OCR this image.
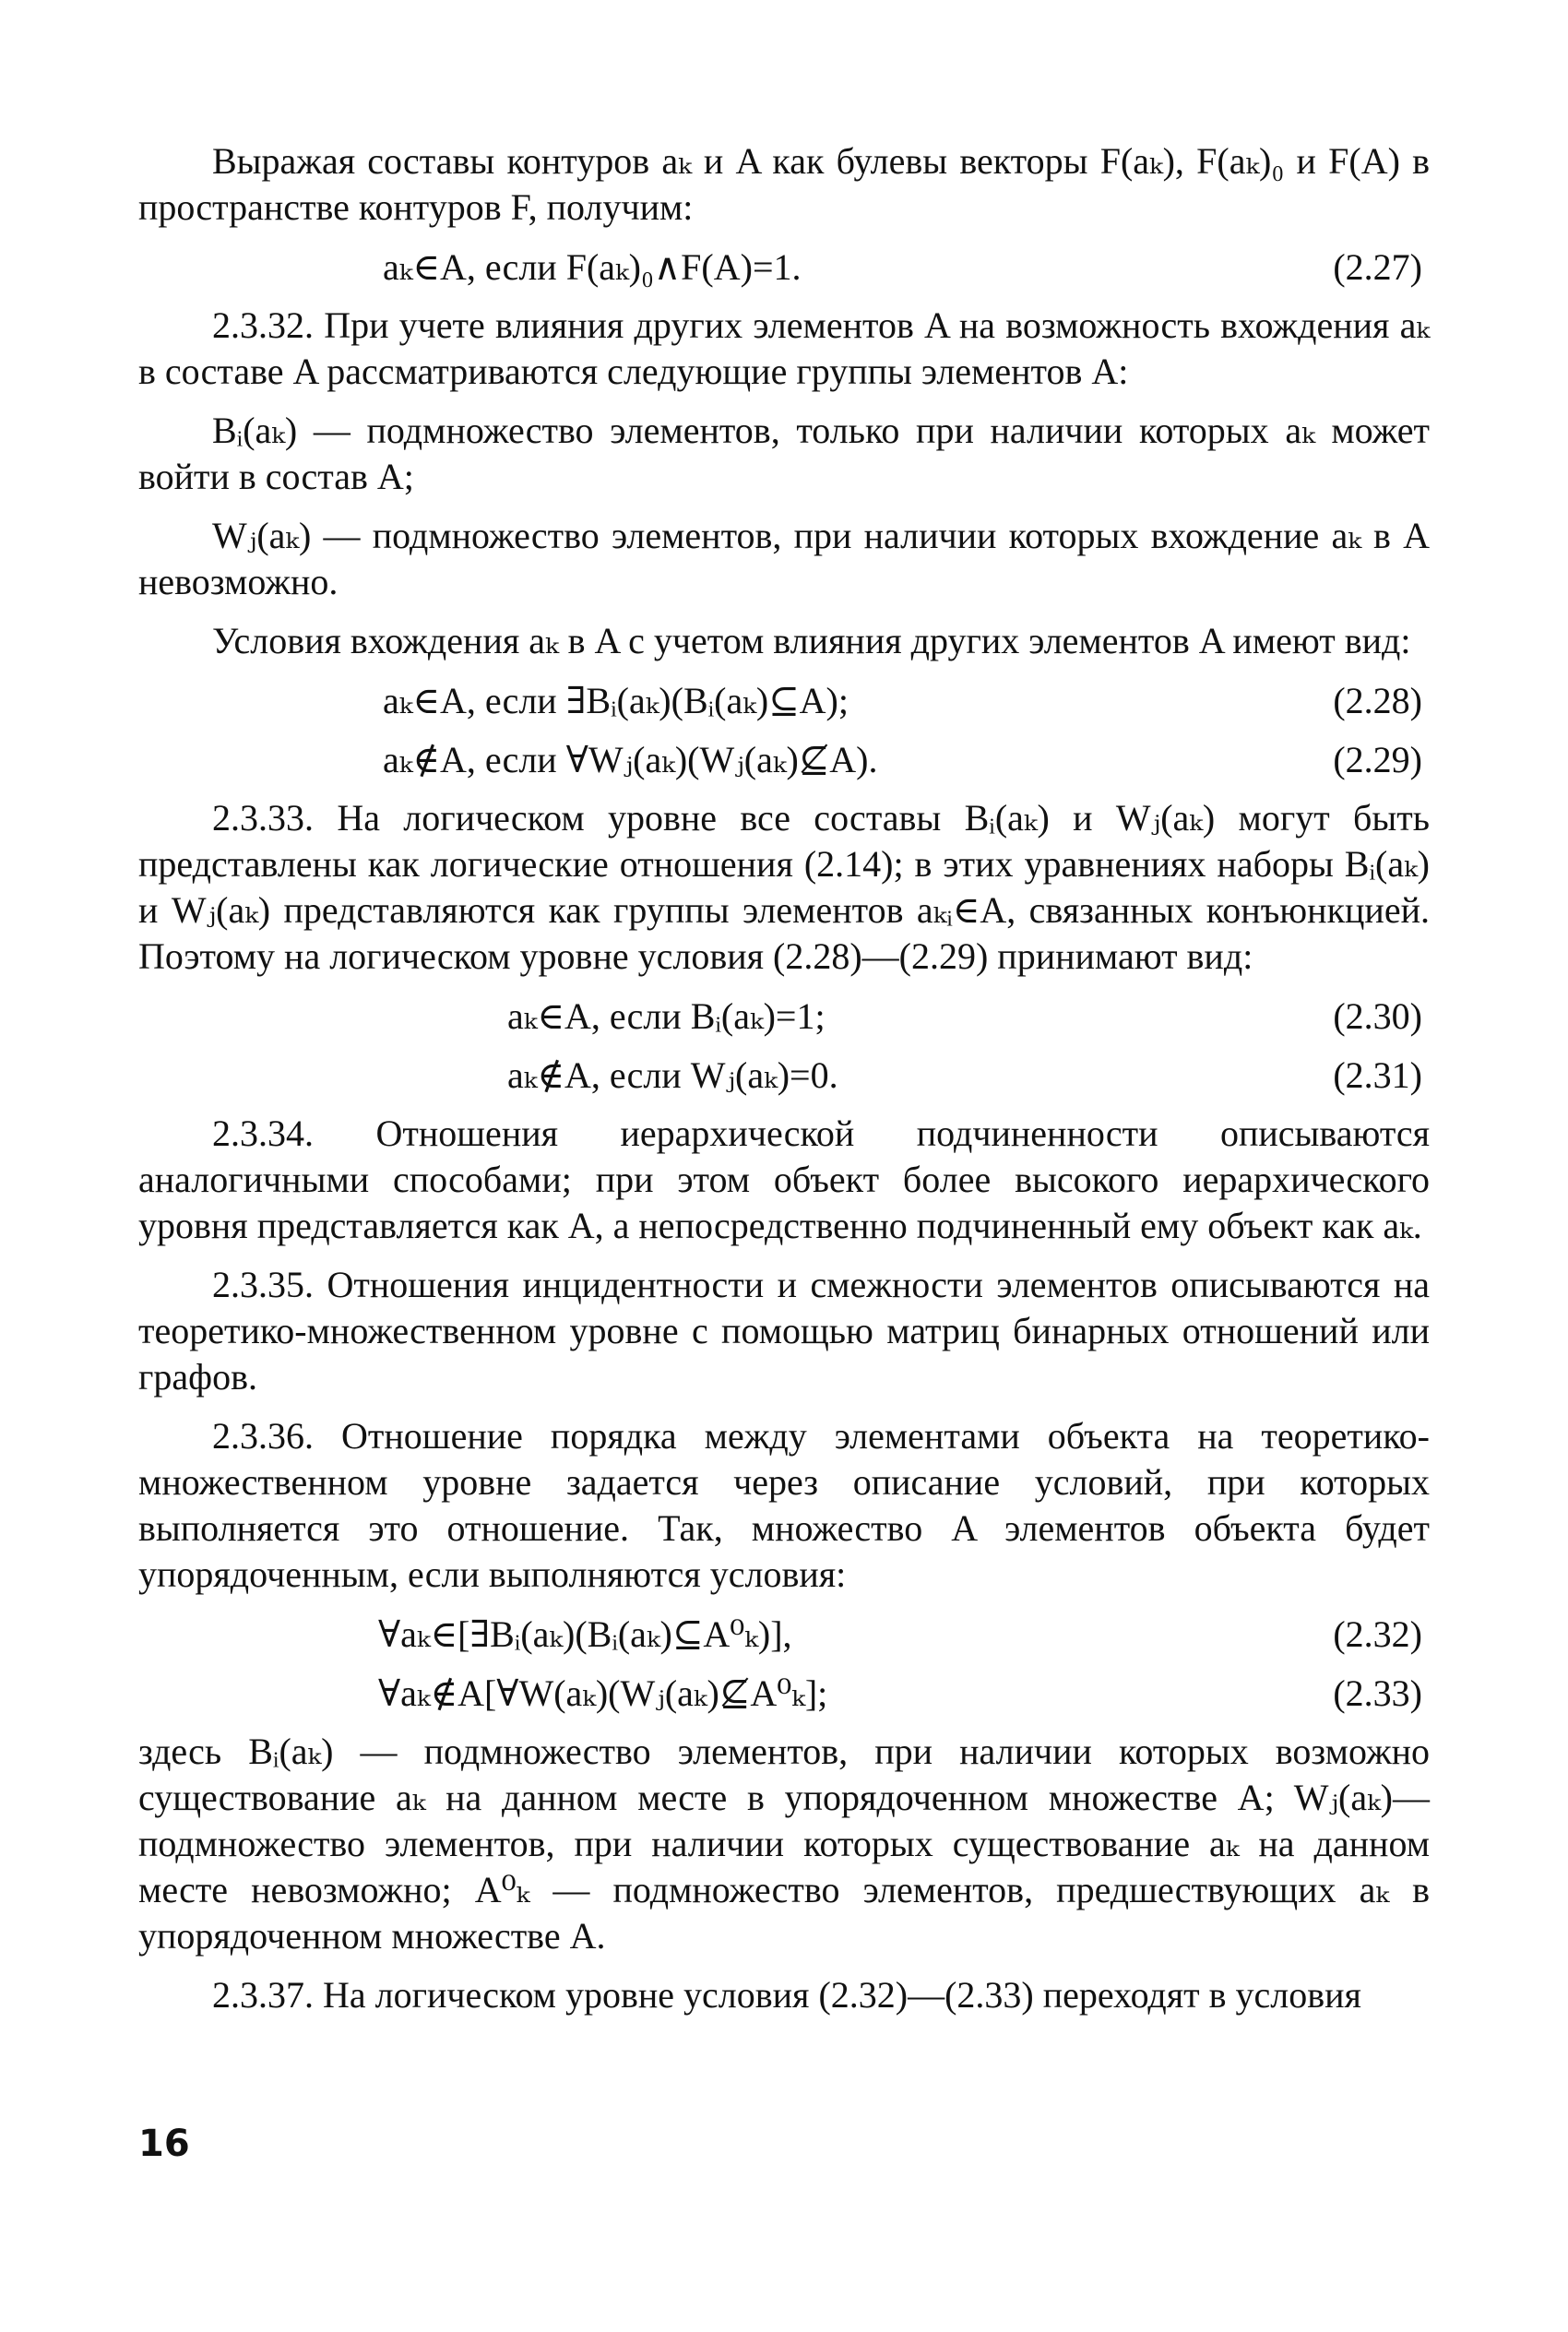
Выражая составы контуров aₖ и A как булевы векторы F(aₖ), F(aₖ)₀ и F(A) в пространстве контуров F, получим:

aₖ∈A, если F(aₖ)₀∧F(A)=1.	(2.27)

2.3.32. При учете влияния других элементов A на возможность вхождения aₖ в составе A рассматриваются следующие группы элементов A:

Bᵢ(aₖ) — подмножество элементов, только при наличии которых aₖ может войти в состав A;

Wⱼ(aₖ) — подмножество элементов, при наличии которых вхождение aₖ в A невозможно.

Условия вхождения aₖ в A с учетом влияния других элементов A имеют вид:

aₖ∈A, если ∃Bᵢ(aₖ)(Bᵢ(aₖ)⊆A);	(2.28)
aₖ∉A, если ∀Wⱼ(aₖ)(Wⱼ(aₖ)⊈A).	(2.29)

2.3.33. На логическом уровне все составы Bᵢ(aₖ) и Wⱼ(aₖ) могут быть представлены как логические отношения (2.14); в этих уравнениях наборы Bᵢ(aₖ) и Wⱼ(aₖ) представляются как группы элементов aₖᵢ∈A, связанных конъюнкцией. Поэтому на логическом уровне условия (2.28)—(2.29) принимают вид:

aₖ∈A, если Bᵢ(aₖ)=1;	(2.30)
aₖ∉A, если Wⱼ(aₖ)=0.	(2.31)

2.3.34. Отношения иерархической подчиненности описываются аналогичными способами; при этом объект более высокого иерархического уровня представляется как A, а непосредственно подчиненный ему объект как aₖ.

2.3.35. Отношения инцидентности и смежности элементов описываются на теоретико-множественном уровне с помощью матриц бинарных отношений или графов.

2.3.36. Отношение порядка между элементами объекта на теоретико-множественном уровне задается через описание условий, при которых выполняется это отношение. Так, множество A элементов объекта будет упорядоченным, если выполняются условия:

∀aₖ∈[∃Bᵢ(aₖ)(Bᵢ(aₖ)⊆A⁰ₖ)],	(2.32)
∀aₖ∉A[∀W(aₖ)(Wⱼ(aₖ)⊈A⁰ₖ];	(2.33)

здесь Bᵢ(aₖ) — подмножество элементов, при наличии которых возможно существование aₖ на данном месте в упорядоченном множестве A; Wⱼ(aₖ)—подмножество элементов, при наличии которых существование aₖ на данном месте невозможно; A⁰ₖ — подмножество элементов, предшествующих aₖ в упорядоченном множестве A.

2.3.37. На логическом уровне условия (2.32)—(2.33) переходят в условия

16
